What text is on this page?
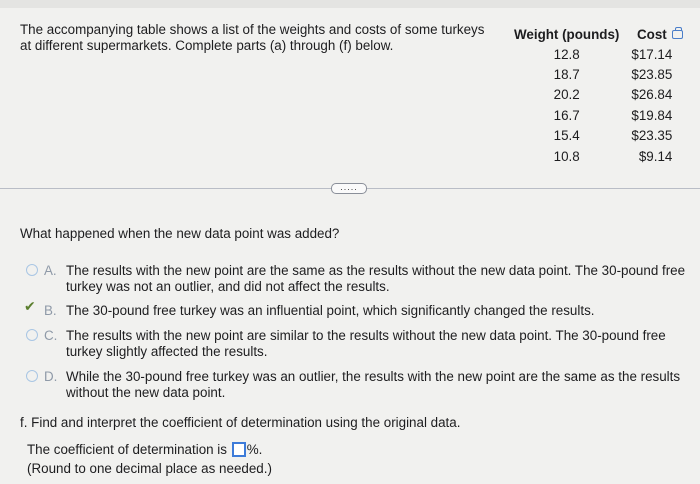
The accompanying table shows a list of the weights and costs of some turkeys at different supermarkets. Complete parts (a) through (f) below.

Weight (pounds)	Cost
12.8	$17.14
18.7	$23.85
20.2	$26.84
16.7	$19.84
15.4	$23.35
10.8	$9.14
.....

What happened when the new data point was added?

A. The results with the new point are the same as the results without the new data point. The 30-pound free turkey was not an outlier, and did not affect the results.
✔ B. The 30-pound free turkey was an influential point, which significantly changed the results.
C. The results with the new point are similar to the results without the new data point. The 30-pound free turkey slightly affected the results.
D. While the 30-pound free turkey was an outlier, the results with the new point are the same as the results without the new data point.

f. Find and interpret the coefficient of determination using the original data.

The coefficient of determination is %.
(Round to one decimal place as needed.)
